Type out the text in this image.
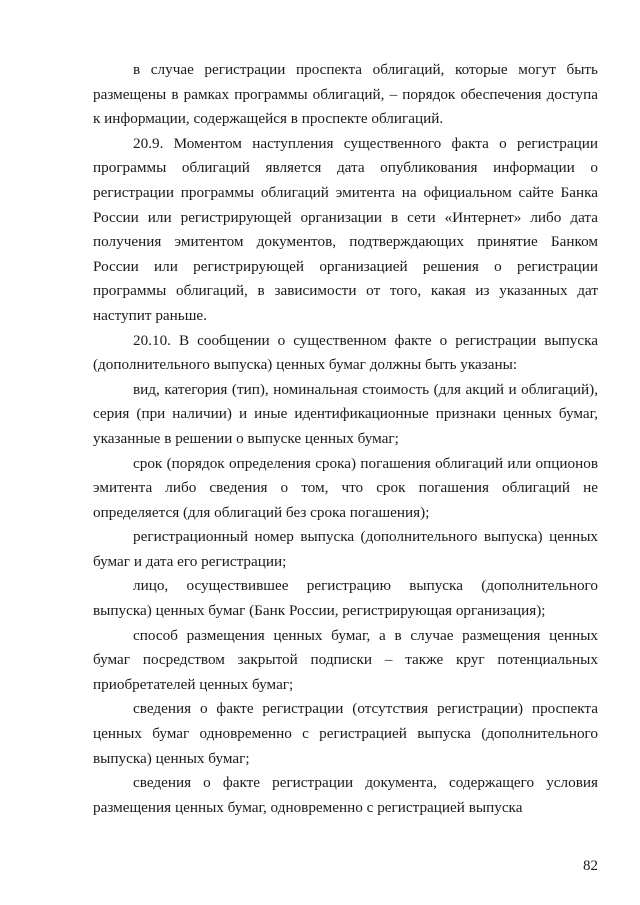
в случае регистрации проспекта облигаций, которые могут быть размещены в рамках программы облигаций, – порядок обеспечения доступа к информации, содержащейся в проспекте облигаций.

20.9. Моментом наступления существенного факта о регистрации программы облигаций является дата опубликования информации о регистрации программы облигаций эмитента на официальном сайте Банка России или регистрирующей организации в сети «Интернет» либо дата получения эмитентом документов, подтверждающих принятие Банком России или регистрирующей организацией решения о регистрации программы облигаций, в зависимости от того, какая из указанных дат наступит раньше.

20.10. В сообщении о существенном факте о регистрации выпуска (дополнительного выпуска) ценных бумаг должны быть указаны:

вид, категория (тип), номинальная стоимость (для акций и облигаций), серия (при наличии) и иные идентификационные признаки ценных бумаг, указанные в решении о выпуске ценных бумаг;

срок (порядок определения срока) погашения облигаций или опционов эмитента либо сведения о том, что срок погашения облигаций не определяется (для облигаций без срока погашения);

регистрационный номер выпуска (дополнительного выпуска) ценных бумаг и дата его регистрации;

лицо, осуществившее регистрацию выпуска (дополнительного выпуска) ценных бумаг (Банк России, регистрирующая организация);

способ размещения ценных бумаг, а в случае размещения ценных бумаг посредством закрытой подписки – также круг потенциальных приобретателей ценных бумаг;

сведения о факте регистрации (отсутствия регистрации) проспекта ценных бумаг одновременно с регистрацией выпуска (дополнительного выпуска) ценных бумаг;

сведения о факте регистрации документа, содержащего условия размещения ценных бумаг, одновременно с регистрацией выпуска

82
